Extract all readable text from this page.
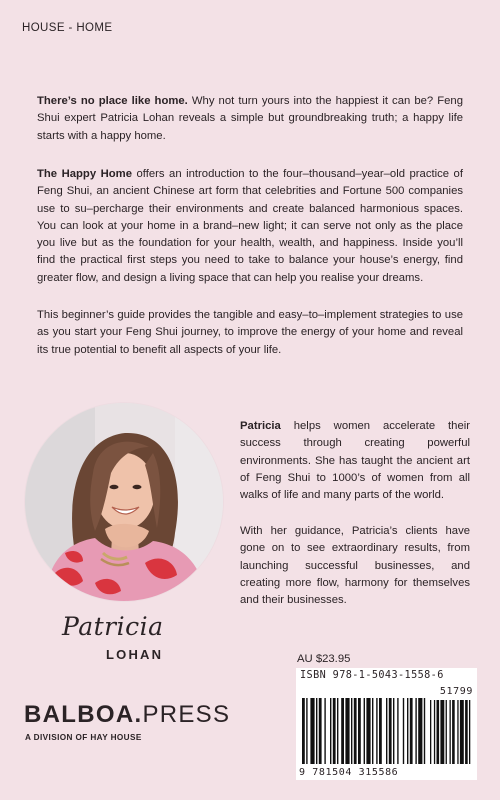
HOUSE - HOME

There’s no place like home. Why not turn yours into the happiest it can be? Feng Shui expert Patricia Lohan reveals a simple but groundbreaking truth; a happy life starts with a happy home.

The Happy Home offers an introduction to the four–thousand–year–old practice of Feng Shui, an ancient Chinese art form that celebrities and Fortune 500 companies use to su–percharge their environments and create balanced harmonious spaces. You can look at your home in a brand–new light; it can serve not only as the place you live but as the foundation for your health, wealth, and happiness. Inside you’ll find the practical first steps you need to take to balance your house’s energy, find greater flow, and design a living space that can help you realise your dreams.

This beginner’s guide provides the tangible and easy–to–implement strategies to use as you start your Feng Shui journey, to improve the energy of your home and reveal its true potential to benefit all aspects of your life.

Patricia helps women accelerate their success through creating powerful environments. She has taught the ancient art of Feng Shui to 1000’s of women from all walks of life and many parts of the world.

With her guidance, Patricia’s clients have gone on to see extraordinary results, from launching successful businesses, and creating more flow, harmony for themselves and their businesses.

Patricia
LOHAN
BALBOA.PRESS
A DIVISION OF HAY HOUSE
AU $23.95
ISBN 978-1-5043-1558-6
51799
9 781504 315586
